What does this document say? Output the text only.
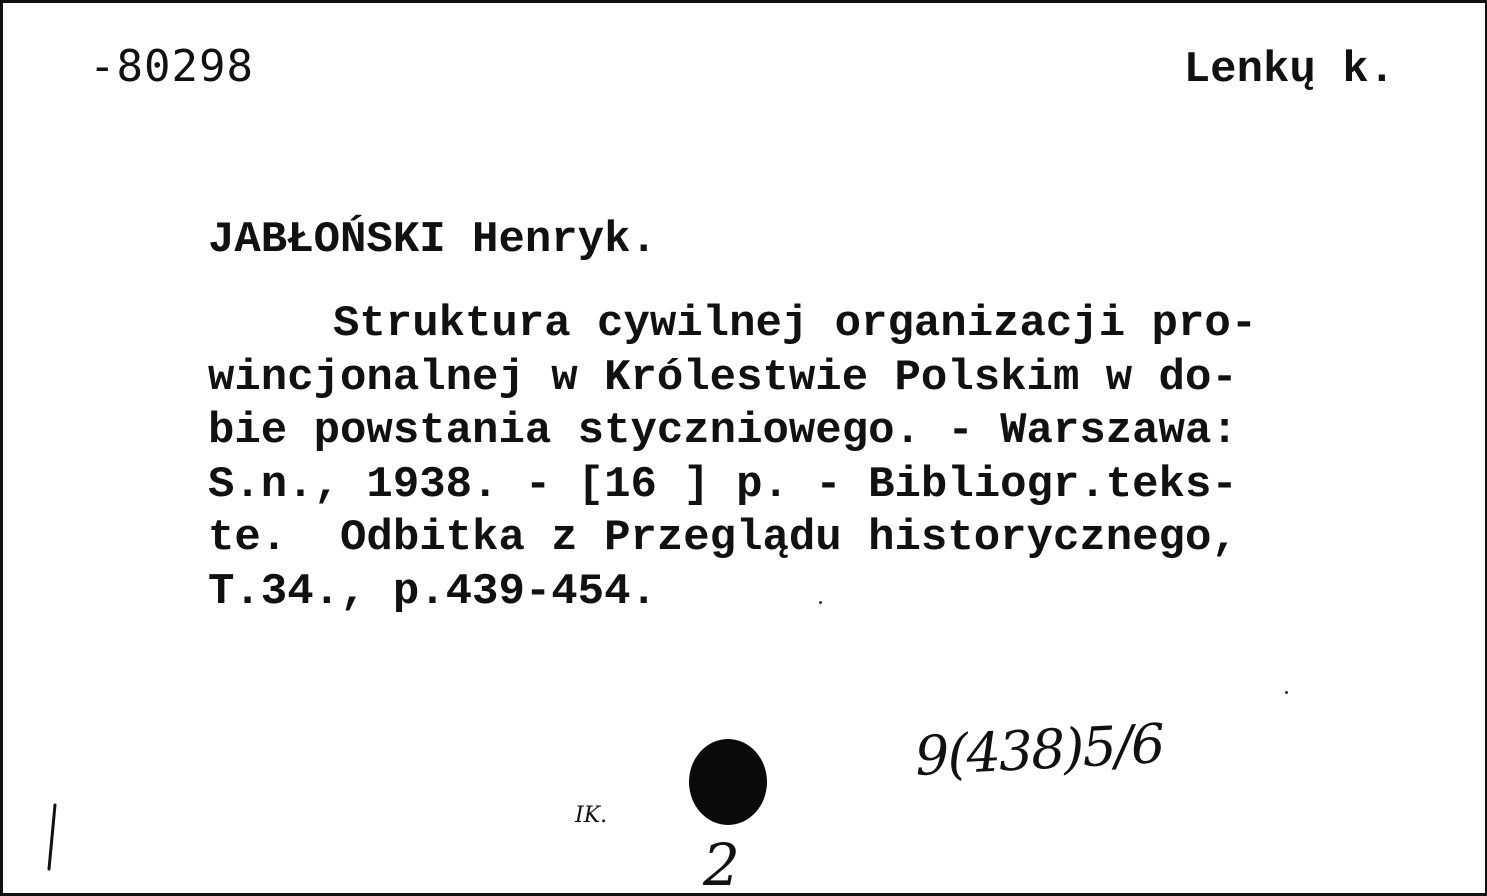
-80298	Lenkų k.
JABŁOŃSKI Henryk.
Struktura cywilnej organizacji pro-
wincjonalnej w Królestwie Polskim w do-
bie powstania styczniowego. - Warszawa:
S.n., 1938. - [16 ] p. - Bibliogr.teks-
te.  Odbitka z Przeglądu historycznego,
T.34., p.439-454.
IK.
9(438)5/6
2
